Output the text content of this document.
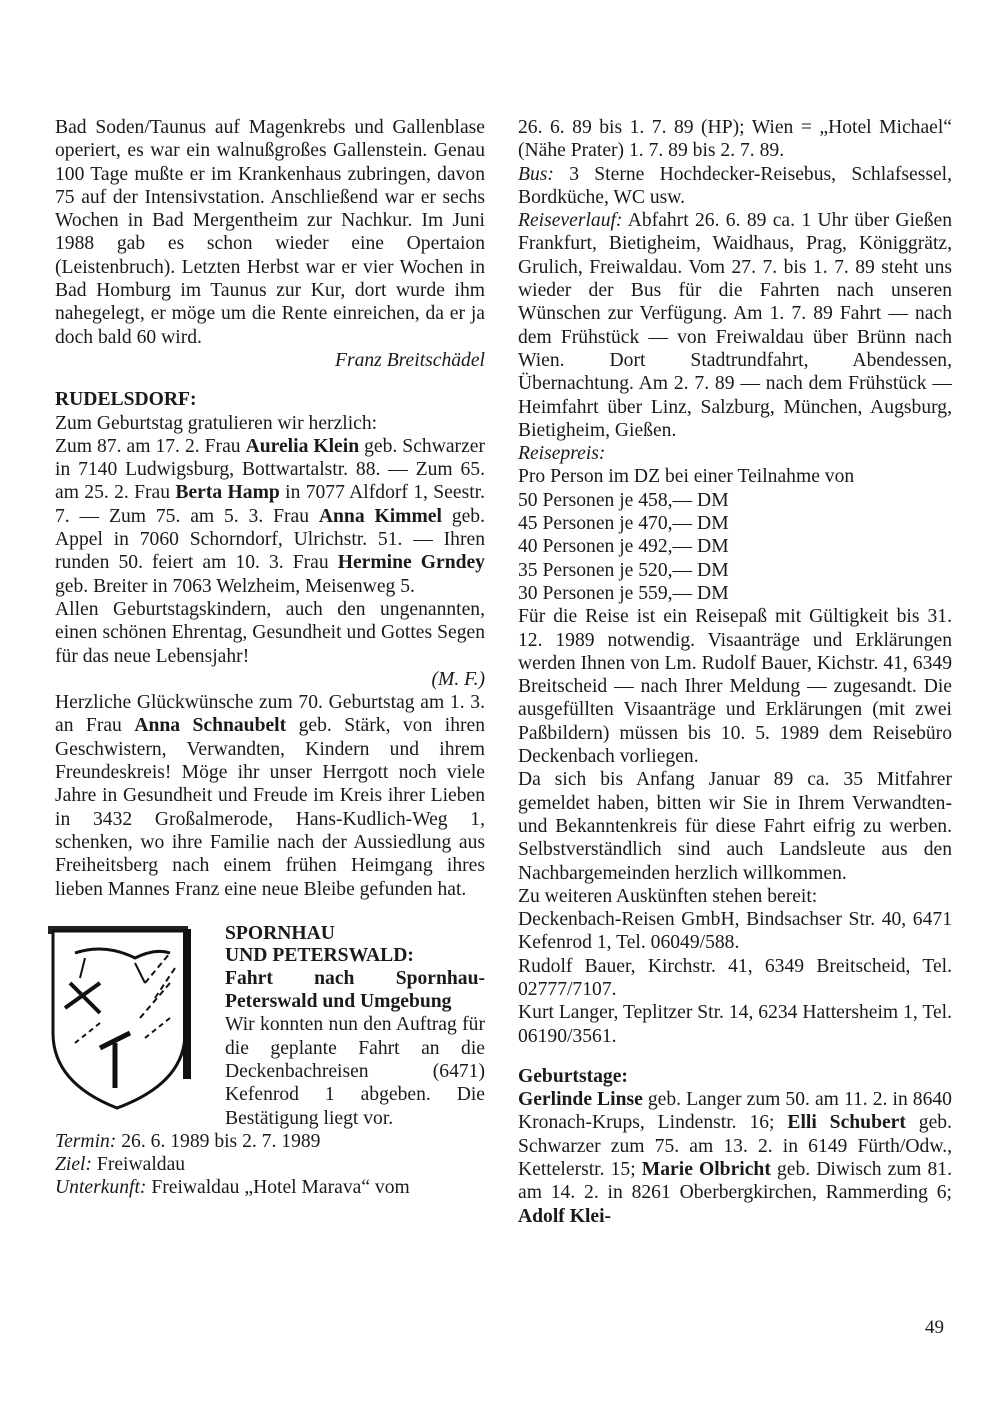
Bad Soden/Taunus auf Magenkrebs und Gallenblase operiert, es war ein walnußgroßes Gallenstein. Genau 100 Tage mußte er im Krankenhaus zubringen, davon 75 auf der Intensivstation. Anschließend war er sechs Wochen in Bad Mergentheim zur Nachkur. Im Juni 1988 gab es schon wieder eine Opertaion (Leistenbruch). Letzten Herbst war er vier Wochen in Bad Homburg im Taunus zur Kur, dort wurde ihm nahegelegt, er möge um die Rente einreichen, da er ja doch bald 60 wird.

Franz Breitschädel

RUDELSDORF:

Zum Geburtstag gratulieren wir herzlich:

Zum 87. am 17. 2. Frau Aurelia Klein geb. Schwarzer in 7140 Ludwigsburg, Bottwartalstr. 88. — Zum 65. am 25. 2. Frau Berta Hamp in 7077 Alfdorf 1, Seestr. 7. — Zum 75. am 5. 3. Frau Anna Kimmel geb. Appel in 7060 Schorndorf, Ulrichstr. 51. — Ihren runden 50. feiert am 10. 3. Frau Hermine Grndey geb. Breiter in 7063 Welzheim, Meisenweg 5.

Allen Geburtstagskindern, auch den ungenannten, einen schönen Ehrentag, Gesundheit und Gottes Segen für das neue Lebensjahr!

(M. F.)

Herzliche Glückwünsche zum 70. Geburtstag am 1. 3. an Frau Anna Schnaubelt geb. Stärk, von ihren Geschwistern, Verwandten, Kindern und ihrem Freundeskreis! Möge ihr unser Herrgott noch viele Jahre in Gesundheit und Freude im Kreis ihrer Lieben in 3432 Großalmerode, Hans-Kudlich-Weg 1, schenken, wo ihre Familie nach der Aussiedlung aus Freiheitsberg nach einem frühen Heimgang ihres lieben Mannes Franz eine neue Bleibe gefunden hat.

SPORNHAU

UND PETERSWALD:

Fahrt nach Spornhau-Peterswald und Umgebung

Wir konnten nun den Auftrag für die geplante Fahrt an die Deckenbachreisen (6471) Kefenrod 1 abgeben. Die Bestätigung liegt vor.

Termin: 26. 6. 1989 bis 2. 7. 1989

Ziel: Freiwaldau

Unterkunft: Freiwaldau „Hotel Marava“ vom

26. 6. 89 bis 1. 7. 89 (HP); Wien = „Hotel Michael“ (Nähe Prater) 1. 7. 89 bis 2. 7. 89.

Bus: 3 Sterne Hochdecker-Reisebus, Schlafsessel, Bordküche, WC usw.

Reiseverlauf: Abfahrt 26. 6. 89 ca. 1 Uhr über Gießen Frankfurt, Bietigheim, Waidhaus, Prag, Königgrätz, Grulich, Freiwaldau. Vom 27. 7. bis 1. 7. 89 steht uns wieder der Bus für die Fahrten nach unseren Wünschen zur Verfügung. Am 1. 7. 89 Fahrt — nach dem Frühstück — von Freiwaldau über Brünn nach Wien. Dort Stadtrundfahrt, Abendessen, Übernachtung. Am 2. 7. 89 — nach dem Frühstück — Heimfahrt über Linz, Salzburg, München, Augsburg, Bietigheim, Gießen.

Reisepreis:

Pro Person im DZ bei einer Teilnahme von

50 Personen je 458,— DM

45 Personen je 470,— DM

40 Personen je 492,— DM

35 Personen je 520,— DM

30 Personen je 559,— DM

Für die Reise ist ein Reisepaß mit Gültigkeit bis 31. 12. 1989 notwendig. Visaanträge und Erklärungen werden Ihnen von Lm. Rudolf Bauer, Kichstr. 41, 6349 Breitscheid — nach Ihrer Meldung — zugesandt. Die ausgefüllten Visaanträge und Erklärungen (mit zwei Paßbildern) müssen bis 10. 5. 1989 dem Reisebüro Deckenbach vorliegen.

Da sich bis Anfang Januar 89 ca. 35 Mitfahrer gemeldet haben, bitten wir Sie in Ihrem Verwandten- und Bekanntenkreis für diese Fahrt eifrig zu werben. Selbstverständlich sind auch Landsleute aus den Nachbargemeinden herzlich willkommen.

Zu weiteren Auskünften stehen bereit:

Deckenbach-Reisen GmbH, Bindsachser Str. 40, 6471 Kefenrod 1, Tel. 06049/588.

Rudolf Bauer, Kirchstr. 41, 6349 Breitscheid, Tel. 02777/7107.

Kurt Langer, Teplitzer Str. 14, 6234 Hattersheim 1, Tel. 06190/3561.

Geburtstage:

Gerlinde Linse geb. Langer zum 50. am 11. 2. in 8640 Kronach-Krups, Lindenstr. 16; Elli Schubert geb. Schwarzer zum 75. am 13. 2. in 6149 Fürth/Odw., Kettelerstr. 15; Marie Olbricht geb. Diwisch zum 81. am 14. 2. in 8261 Oberbergkirchen, Rammerding 6; Adolf Klei-

49
